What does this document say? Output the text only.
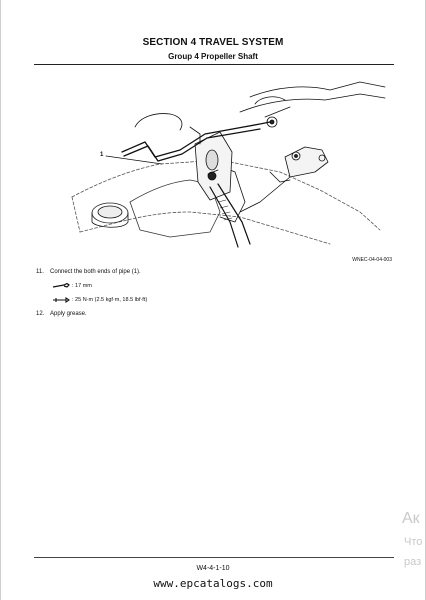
SECTION 4 TRAVEL SYSTEM
Group 4 Propeller Shaft
1
WNEC-04-04-003
11. Connect the both ends of pipe (1).
: 17 mm
: 25 N·m (2.5 kgf·m, 18.5 lbf·ft)
12. Apply grease.
Ак
Что
раз
W4-4-1-10
www.epcatalogs.com
